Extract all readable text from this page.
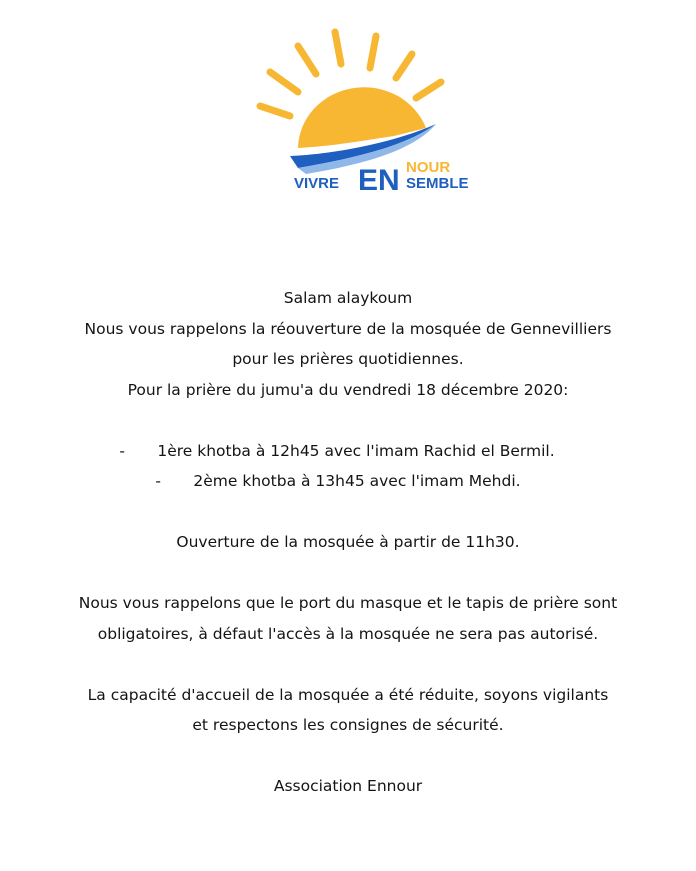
VIVRE EN NOUR
SEMBLE

Salam alaykoum

Nous vous rappelons la réouverture de la mosquée de Gennevilliers

pour les prières quotidiennes.

Pour la prière du jumu'a du vendredi 18 décembre 2020:

- 1ère khotba à 12h45 avec l'imam Rachid el Bermil.
- 2ème khotba à 13h45 avec l'imam Mehdi.

Ouverture de la mosquée à partir de 11h30.

Nous vous rappelons que le port du masque et le tapis de prière sont

obligatoires, à défaut l'accès à la mosquée ne sera pas autorisé.

La capacité d'accueil de la mosquée a été réduite, soyons vigilants

et respectons les consignes de sécurité.

Association Ennour
